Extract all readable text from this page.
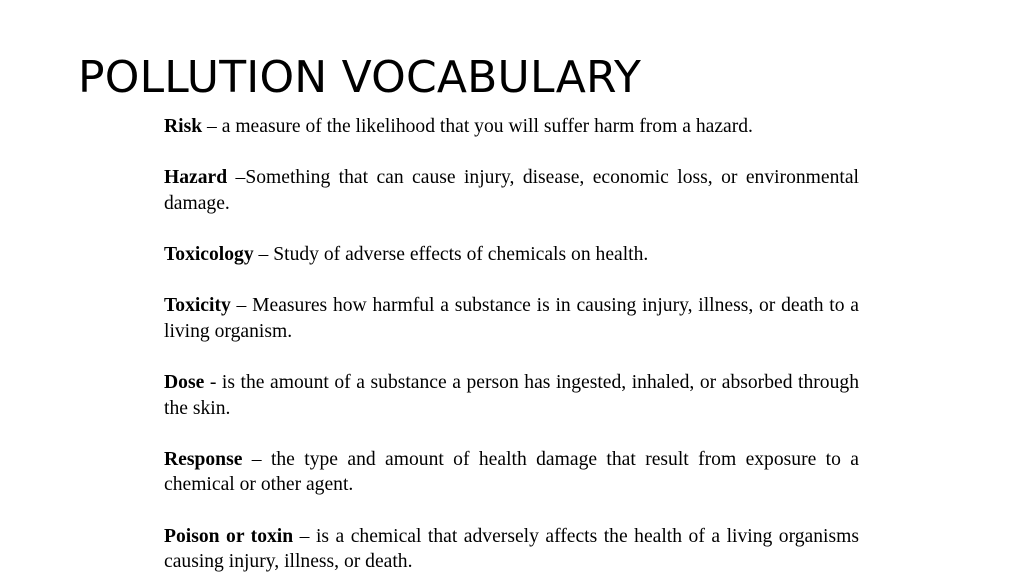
POLLUTION VOCABULARY

Risk – a measure of the likelihood that you will suffer harm from a hazard.

Hazard –Something that can cause injury, disease, economic loss, or environmental damage.

Toxicology – Study of adverse effects of chemicals on health.

Toxicity – Measures how harmful a substance is in causing injury, illness, or death to a living organism.

Dose - is the amount of a substance a person has ingested, inhaled, or absorbed through the skin.

Response – the type and amount of health damage that result from exposure to a chemical or other agent.

Poison or toxin – is a chemical that adversely affects the health of a living organisms causing injury, illness, or death.
